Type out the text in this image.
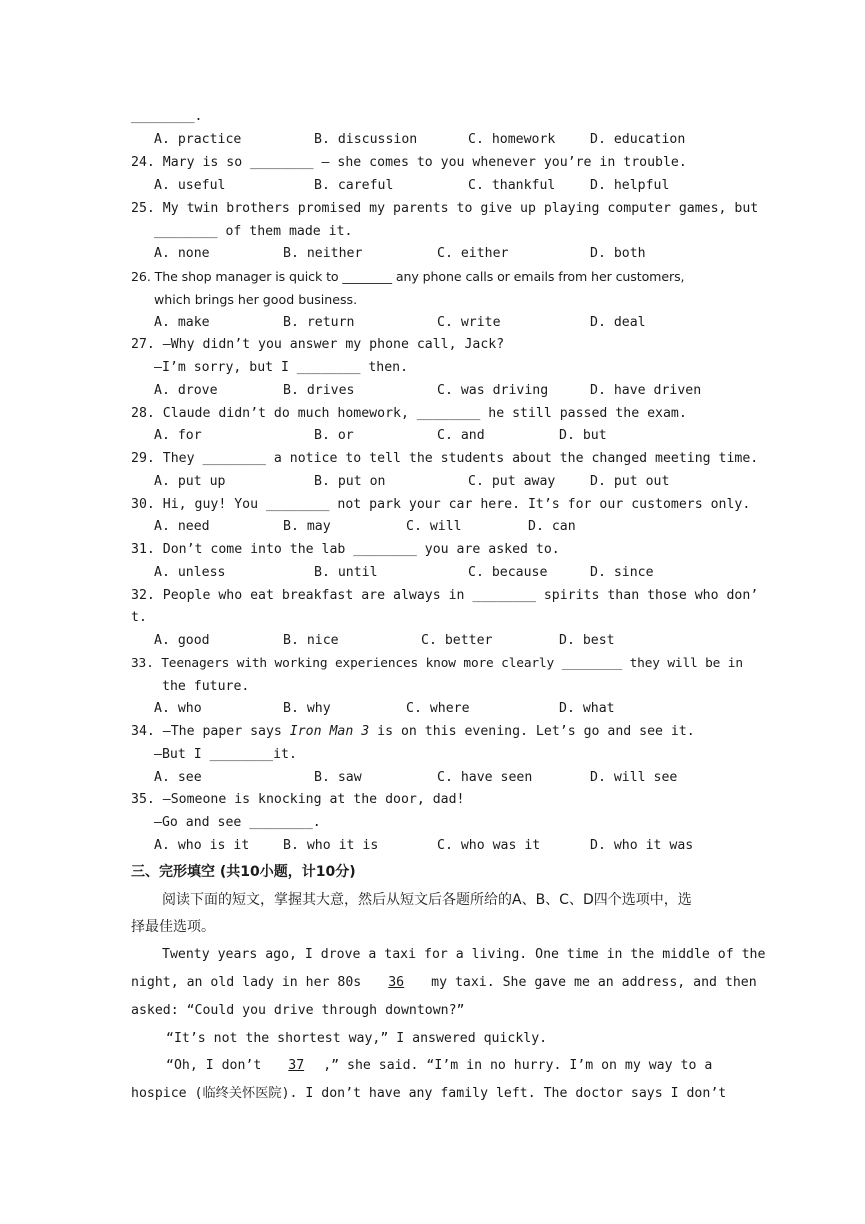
________.
A. practice	B. discussion	C. homework	D. education
24. Mary is so ________ — she comes to you whenever you’re in trouble.
A. useful	B. careful	C. thankful	D. helpful
25. My twin brothers promised my parents to give up playing computer games, but
________ of them made it.
A. none	B. neither	C. either	D. both
26. The shop manager is quick to ________ any phone calls or emails from her customers,
which brings her good business.
A. make	B. return	C. write	D. deal
27. —Why didn’t you answer my phone call, Jack?
—I’m sorry, but I ________ then.
A. drove	B. drives	C. was driving	D. have driven
28. Claude didn’t do much homework, ________ he still passed the exam.
A. for	B. or	C. and	D. but
29. They ________ a notice to tell the students about the changed meeting time.
A. put up	B. put on	C. put away	D. put out
30. Hi, guy! You ________ not park your car here. It’s for our customers only.
A. need	B. may	C. will	D. can
31. Don’t come into the lab ________ you are asked to.
A. unless	B. until	C. because	D. since
32. People who eat breakfast are always in ________ spirits than those who don’
t.
A. good	B. nice	C. better	D. best
33. Teenagers with working experiences know more clearly ________ they will be in
the future.
A. who	B. why	C. where	D. what
34. —The paper says Iron Man 3 is on this evening. Let’s go and see it.
—But I ________it.
A. see	B. saw	C. have seen	D. will see
35. —Someone is knocking at the door, dad!
—Go and see ________.
A. who is it	B. who it is	C. who was it	D. who it was
三、完形填空 (共10小题，计10分)
阅读下面的短文，掌握其大意，然后从短文后各题所给的A、B、C、D四个选项中，选
择最佳选项。
Twenty years ago, I drove a taxi for a living. One time in the middle of the
night, an old lady in her 80s 36 my taxi. She gave me an address, and then
asked: “Could you drive through downtown?”
“It’s not the shortest way,” I answered quickly.
“Oh, I don’t 37 ,” she said. “I’m in no hurry. I’m on my way to a
hospice (临终关怀医院). I don’t have any family left. The doctor says I don’t
